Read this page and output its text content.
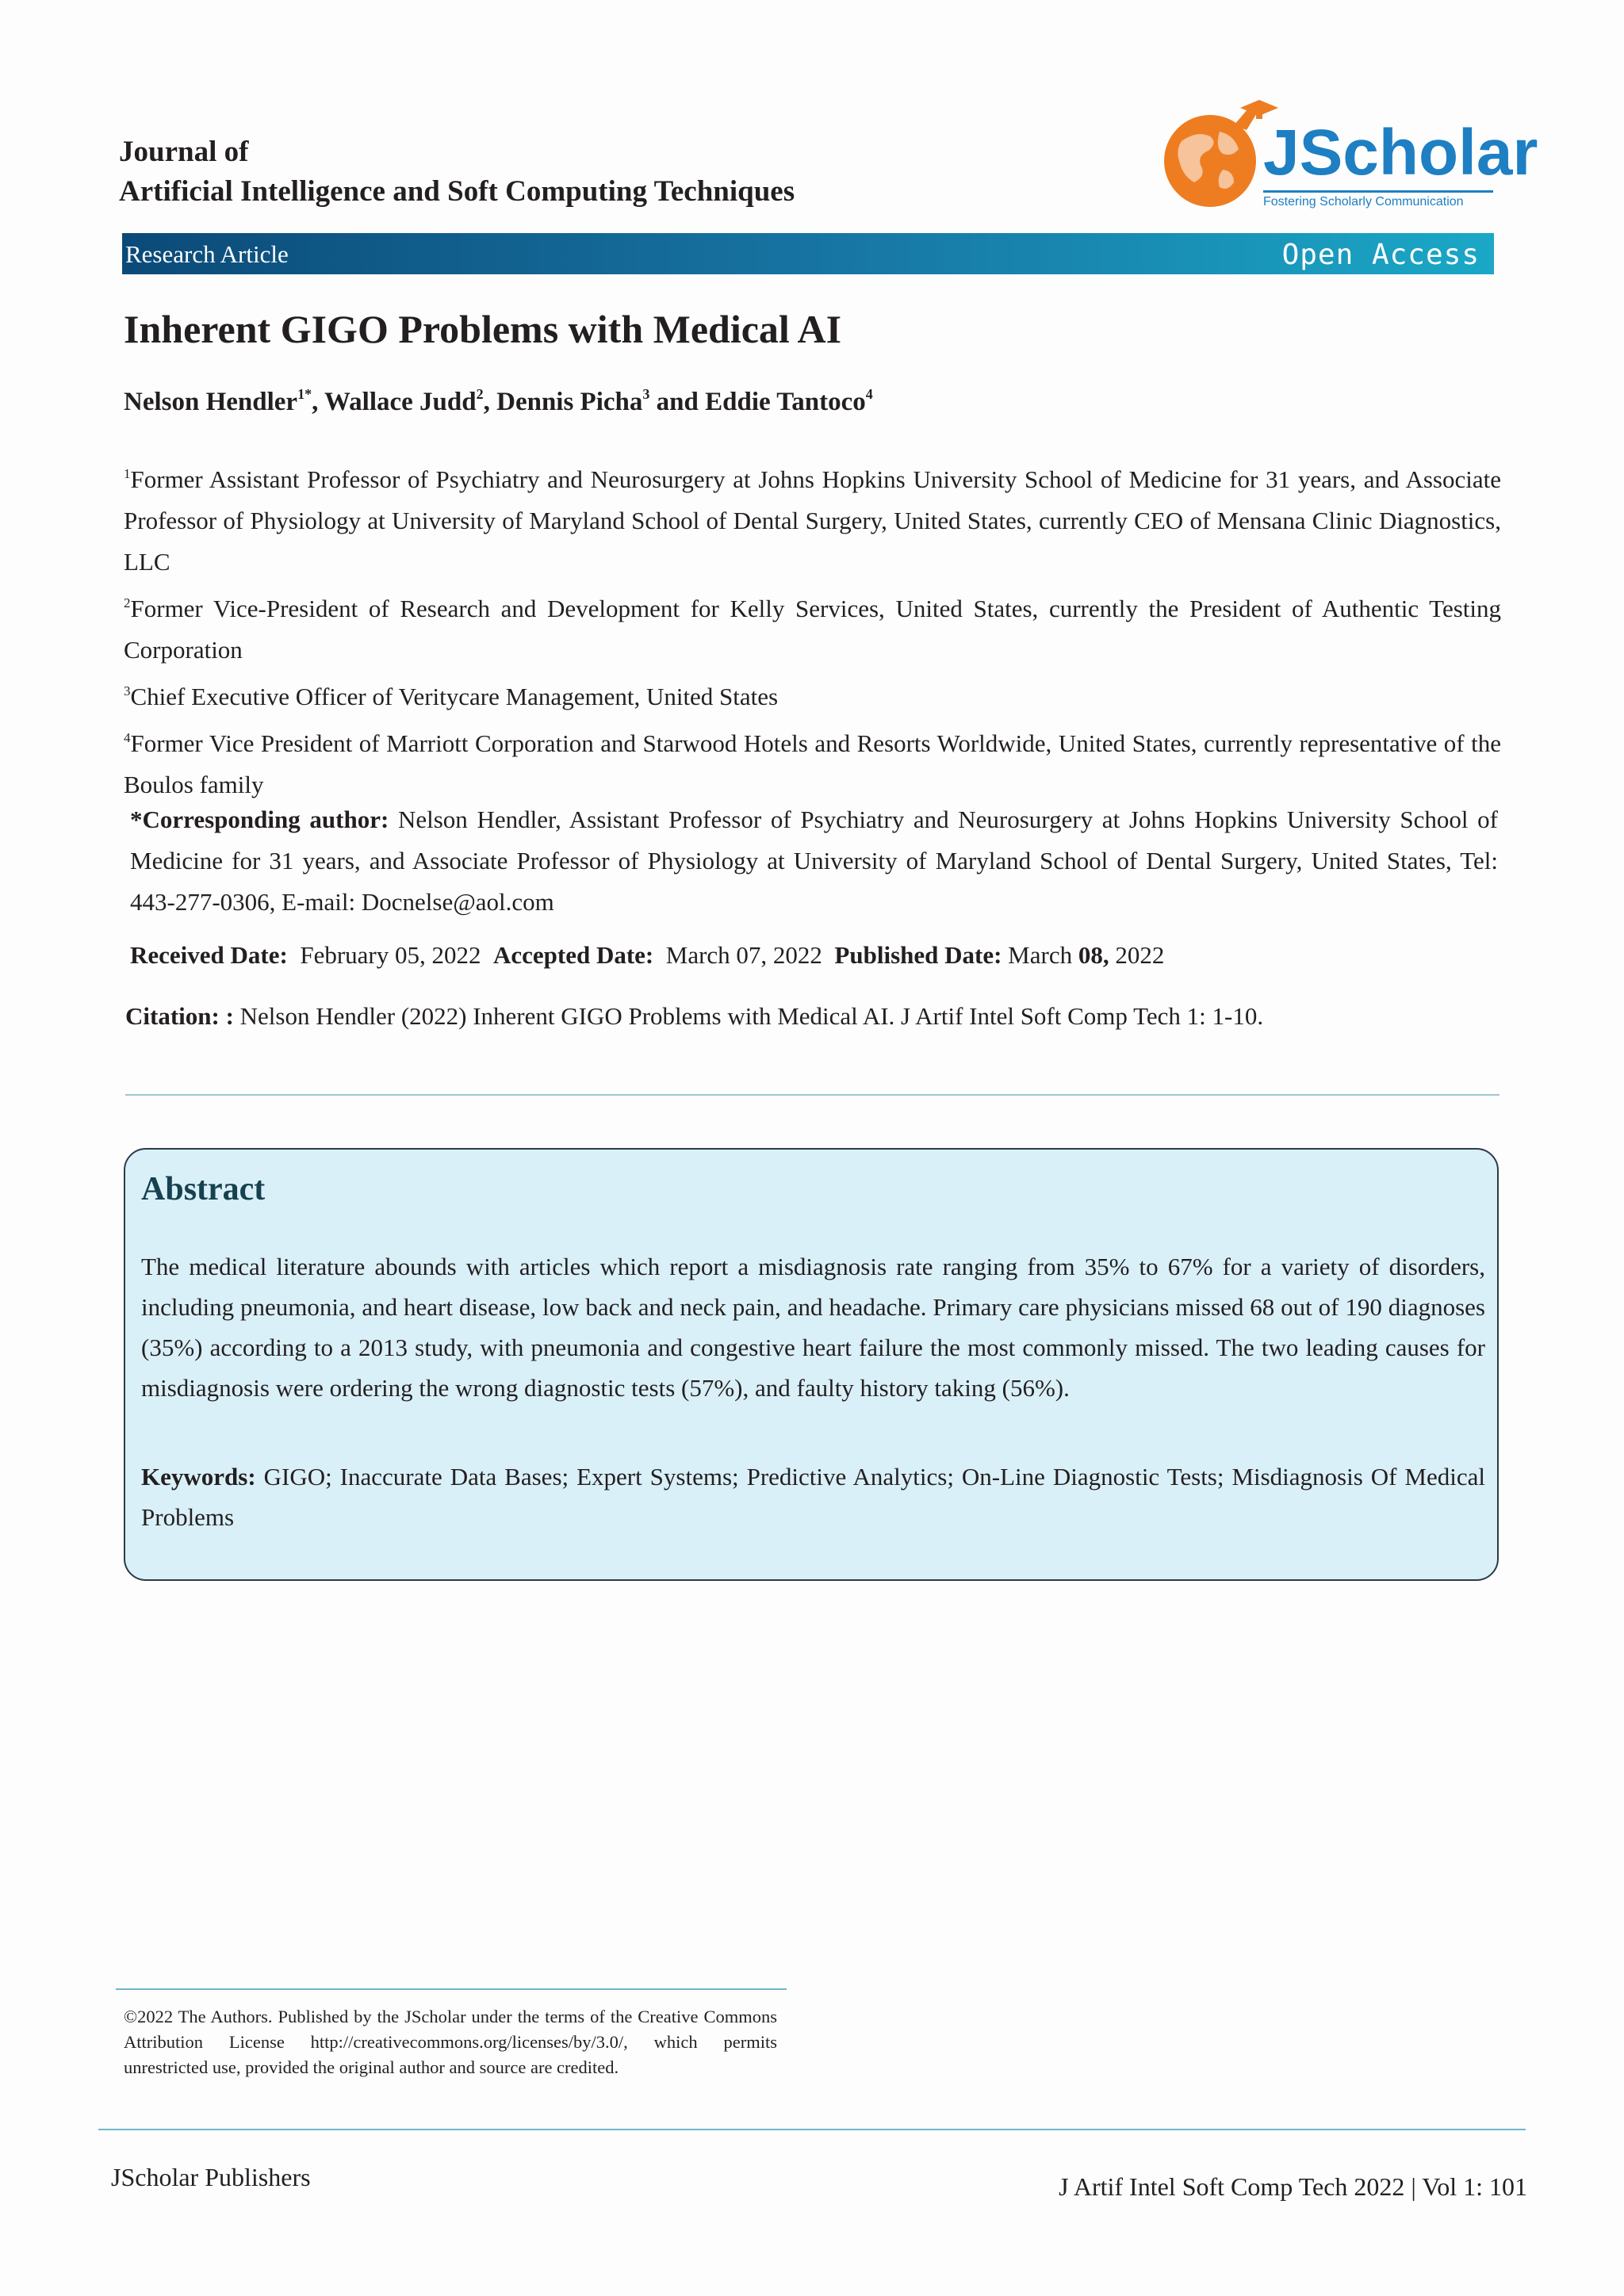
Journal of
Artificial Intelligence and Soft Computing Techniques
JScholar
Fostering Scholarly Communication
Research Article	Open Access
Inherent GIGO Problems with Medical AI
Nelson Hendler$^{1*}$, Wallace Judd$^2$, Dennis Picha$^3$ and Eddie Tantoco$^4$
$^1$Former Assistant Professor of Psychiatry and Neurosurgery at Johns Hopkins University School of Medicine for 31 years, and Associate Professor of Physiology at University of Maryland School of Dental Surgery, United States, currently CEO of Mensana Clinic Diagnostics, LLC
$^2$Former Vice-President of Research and Development for Kelly Services, United States, currently the President of Authentic Testing Corporation
$^3$Chief Executive Officer of Veritycare Management, United States
$^4$Former Vice President of Marriott Corporation and Starwood Hotels and Resorts Worldwide, United States, currently representative of the Boulos family
*Corresponding author: Nelson Hendler, Assistant Professor of Psychiatry and Neurosurgery at Johns Hopkins University School of Medicine for 31 years, and Associate Professor of Physiology at University of Maryland School of Dental Surgery, United States, Tel: 443-277-0306, E-mail: Docnelse@aol.com
Received Date: February 05, 2022 Accepted Date: March 07, 2022 Published Date: March 08, 2022
Citation: : Nelson Hendler (2022) Inherent GIGO Problems with Medical AI. J Artif Intel Soft Comp Tech 1: 1-10.
Abstract
The medical literature abounds with articles which report a misdiagnosis rate ranging from 35% to 67% for a variety of disorders, including pneumonia, and heart disease, low back and neck pain, and headache. Primary care physicians missed 68 out of 190 diagnoses (35%) according to a 2013 study, with pneumonia and congestive heart failure the most commonly missed. The two leading causes for misdiagnosis were ordering the wrong diagnostic tests (57%), and faulty history taking (56%).
Keywords: GIGO; Inaccurate Data Bases; Expert Systems; Predictive Analytics; On-Line Diagnostic Tests; Misdiagnosis Of Medical Problems
©2022 The Authors. Published by the JScholar under the terms of the Creative Commons Attribution License http://creativecommons.org/licenses/by/3.0/, which permits unrestricted use, provided the original author and source are credited.
JScholar Publishers	J Artif Intel Soft Comp Tech 2022 | Vol 1: 101
